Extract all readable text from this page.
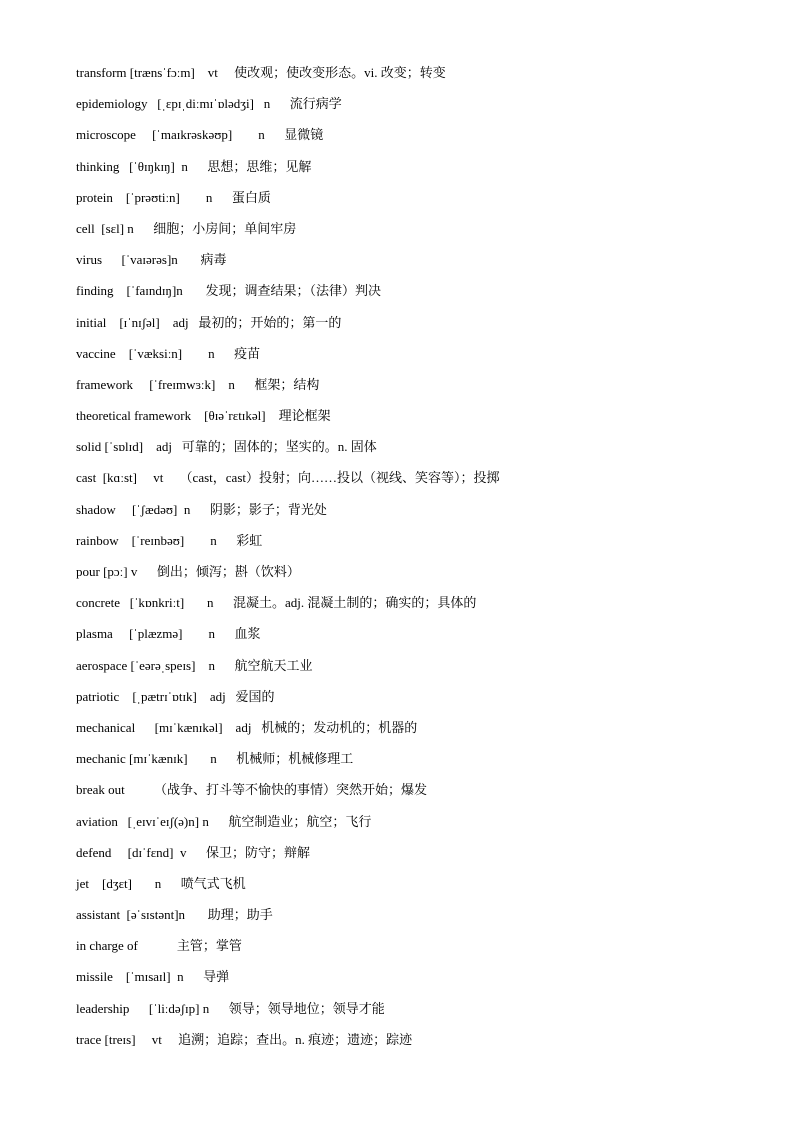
transform [trænsˈfɔːm]    vt     使改观；使改变形态。vi. 改变；转变
epidemiology   [ˌɛpɪˌdiːmɪˈɒlədʒi]   n      流行病学
microscope     [ˈmaɪkrəskəʊp]        n      显微镜
thinking   [ˈθɪŋkɪŋ]  n      思想；思维；见解
protein    [ˈprəʊtiːn]        n      蛋白质
cell  [sɛl] n      细胞；小房间；单间牢房
virus      [ˈvaɪərəs]n       病毒
finding    [ˈfaɪndɪŋ]n       发现；调查结果；（法律）判决
initial    [ɪˈnɪʃəl]    adj   最初的；开始的；第一的
vaccine    [ˈvæksiːn]        n      疫苗
framework     [ˈfreɪmwɜːk]    n      框架；结构
theoretical framework    [θɪəˈrɛtɪkəl]    理论框架
solid [ˈsɒlɪd]    adj   可靠的；固体的；坚实的。n. 固体
cast  [kɑːst]     vt     （cast，cast）投射；向……投以（视线、笑容等）；投掷
shadow     [ˈʃædəʊ]  n      阴影；影子；背光处
rainbow    [ˈreɪnbəʊ]        n      彩虹
pour [pɔː] v      倒出；倾泻；斟（饮料）
concrete   [ˈkɒnkriːt]       n      混凝土。adj. 混凝土制的；确实的；具体的
plasma     [ˈplæzmə]        n      血浆
aerospace [ˈeərəˌspeɪs]    n      航空航天工业
patriotic    [ˌpætrɪˈɒtɪk]    adj   爱国的
mechanical      [mɪˈkænɪkəl]    adj   机械的；发动机的；机器的
mechanic [mɪˈkænɪk]       n      机械师；机械修理工
break out         （战争、打斗等不愉快的事情）突然开始；爆发
aviation   [ˌeɪvɪˈeɪʃ(ə)n] n      航空制造业；航空；飞行
defend     [dɪˈfɛnd]  v      保卫；防守；辩解
jet    [dʒɛt]       n      喷气式飞机
assistant  [əˈsɪstənt]n       助理；助手
in charge of            主管；掌管
missile    [ˈmɪsaɪl]  n      导弹
leadership      [ˈliːdəʃɪp] n      领导；领导地位；领导才能
trace [treɪs]     vt     追溯；追踪；查出。n. 痕迹；遗迹；踪迹
